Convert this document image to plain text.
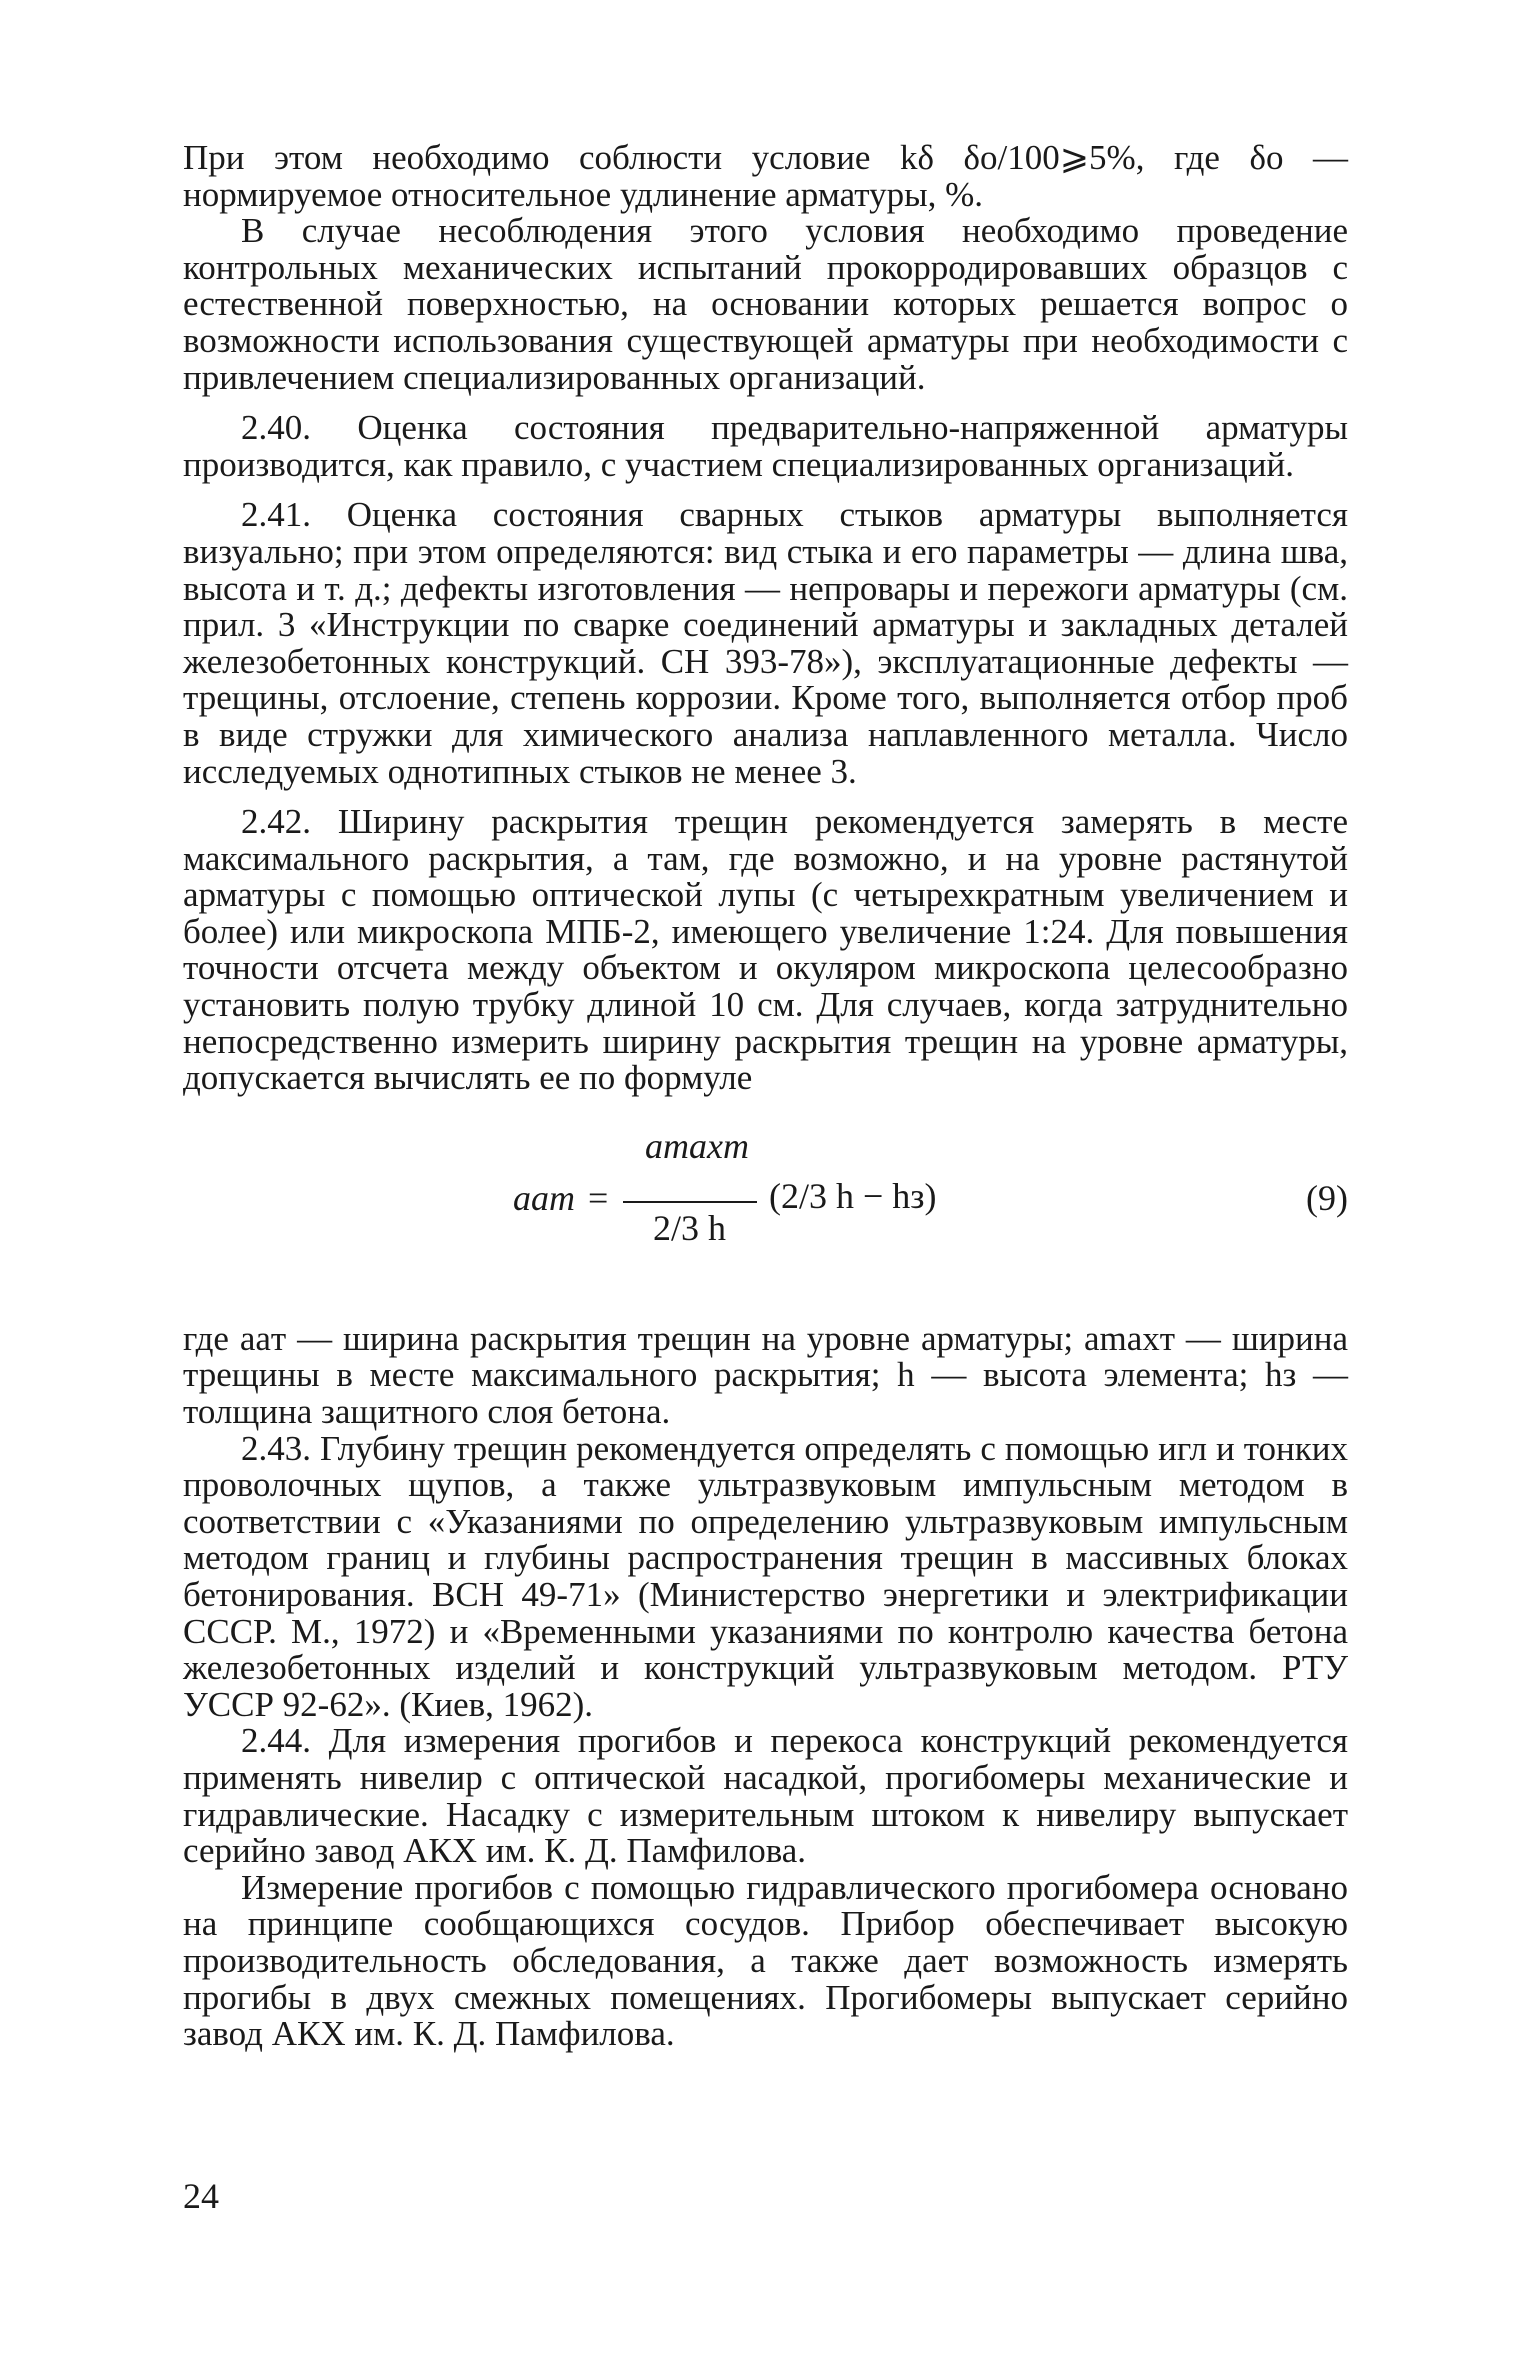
При этом необходимо соблюсти условие kδ δo/100⩾5%, где δo — нормируемое относительное удлинение арматуры, %.

В случае несоблюдения этого условия необходимо проведение контрольных механических испытаний прокорродировавших образцов с естественной поверхностью, на основании которых решается вопрос о возможности использования существующей арматуры при необходимости с привлечением специализированных организаций.

2.40. Оценка состояния предварительно-напряженной арматуры производится, как правило, с участием специализированных организаций.

2.41. Оценка состояния сварных стыков арматуры выполняется визуально; при этом определяются: вид стыка и его параметры — длина шва, высота и т. д.; дефекты изготовления — непровары и пережоги арматуры (см. прил. 3 «Инструкции по сварке соединений арматуры и закладных деталей железобетонных конструкций. СН 393-78»), эксплуатационные дефекты — трещины, отслоение, степень коррозии. Кроме того, выполняется отбор проб в виде стружки для химического анализа наплавленного металла. Число исследуемых однотипных стыков не менее 3.

2.42. Ширину раскрытия трещин рекомендуется замерять в месте максимального раскрытия, а там, где возможно, и на уровне растянутой арматуры с помощью оптической лупы (с четырехкратным увеличением и более) или микроскопа МПБ-2, имеющего увеличение 1:24. Для повышения точности отсчета между объектом и окуляром микроскопа целесообразно установить полую трубку длиной 10 см. Для случаев, когда затруднительно непосредственно измерить ширину раскрытия трещин на уровне арматуры, допускается вычислять ее по формуле

aaт =
amaxт
2/3 h
(2/3 h − hз)	(9)

где aaт — ширина раскрытия трещин на уровне арматуры; amaxт — ширина трещины в месте максимального раскрытия; h — высота элемента; hз — толщина защитного слоя бетона.

2.43. Глубину трещин рекомендуется определять с помощью игл и тонких проволочных щупов, а также ультразвуковым импульсным методом в соответствии с «Указаниями по определению ультразвуковым импульсным методом границ и глубины распространения трещин в массивных блоках бетонирования. ВСН 49-71» (Министерство энергетики и электрификации СССР. М., 1972) и «Временными указаниями по контролю качества бетона железобетонных изделий и конструкций ультразвуковым методом. РТУ УССР 92-62». (Киев, 1962).

2.44. Для измерения прогибов и перекоса конструкций рекомендуется применять нивелир с оптической насадкой, прогибомеры механические и гидравлические. Насадку с измерительным штоком к нивелиру выпускает серийно завод АКХ им. К. Д. Памфилова.

Измерение прогибов с помощью гидравлического прогибомера основано на принципе сообщающихся сосудов. Прибор обеспечивает высокую производительность обследования, а также дает возможность измерять прогибы в двух смежных помещениях. Прогибомеры выпускает серийно завод АКХ им. К. Д. Памфилова.

24
